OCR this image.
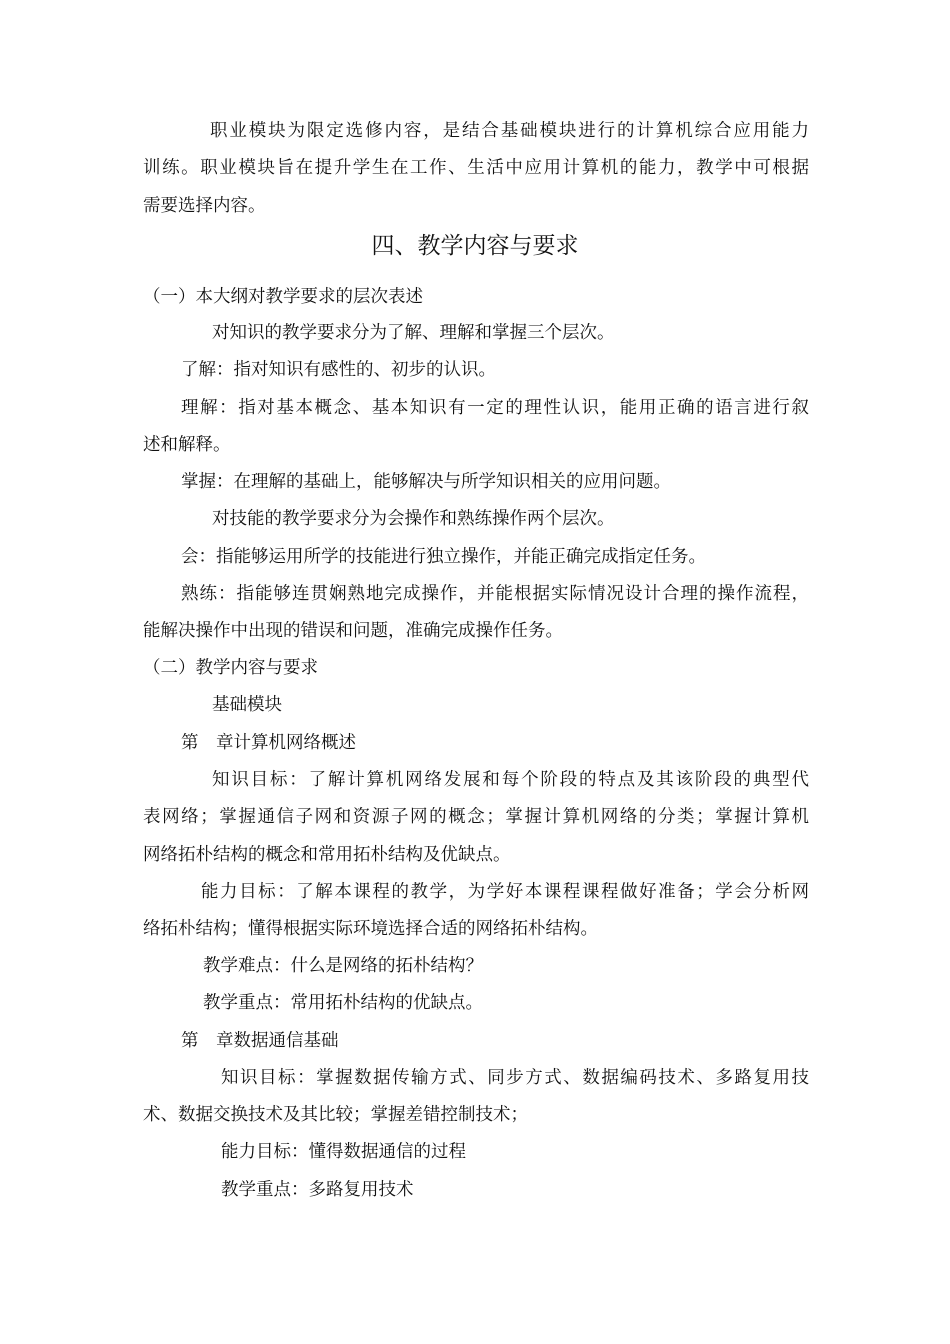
职业模块为限定选修内容，是结合基础模块进行的计算机综合应用能力
训练。职业模块旨在提升学生在工作、生活中应用计算机的能力，教学中可根据
需要选择内容。
四、教学内容与要求
（一）本大纲对教学要求的层次表述
对知识的教学要求分为了解、理解和掌握三个层次。
了解：指对知识有感性的、初步的认识。
理解：指对基本概念、基本知识有一定的理性认识，能用正确的语言进行叙
述和解释。
掌握：在理解的基础上，能够解决与所学知识相关的应用问题。
对技能的教学要求分为会操作和熟练操作两个层次。
会：指能够运用所学的技能进行独立操作，并能正确完成指定任务。
熟练：指能够连贯娴熟地完成操作，并能根据实际情况设计合理的操作流程，
能解决操作中出现的错误和问题，准确完成操作任务。
（二）教学内容与要求
基础模块
第　章计算机网络概述
知识目标：了解计算机网络发展和每个阶段的特点及其该阶段的典型代
表网络；掌握通信子网和资源子网的概念；掌握计算机网络的分类；掌握计算机
网络拓朴结构的概念和常用拓朴结构及优缺点。
能力目标：了解本课程的教学，为学好本课程课程做好准备；学会分析网
络拓朴结构；懂得根据实际环境选择合适的网络拓朴结构。
教学难点：什么是网络的拓朴结构？
教学重点：常用拓朴结构的优缺点。
第　章数据通信基础
知识目标：掌握数据传输方式、同步方式、数据编码技术、多路复用技
术、数据交换技术及其比较；掌握差错控制技术；
能力目标：懂得数据通信的过程
教学重点：多路复用技术
